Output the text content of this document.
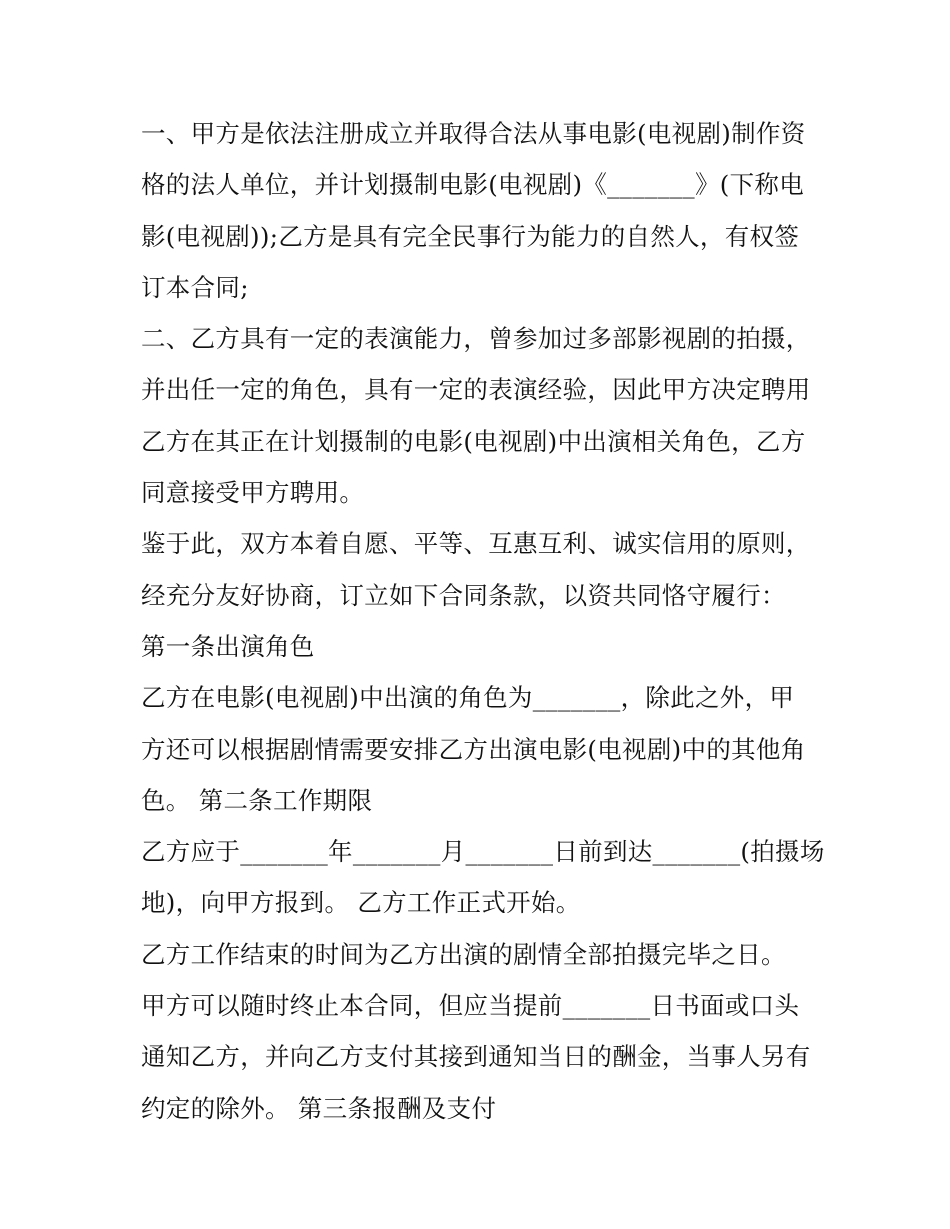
一、甲方是依法注册成立并取得合法从事电影(电视剧)制作资
格的法人单位，并计划摄制电影(电视剧)《_______》(下称电
影(电视剧));乙方是具有完全民事行为能力的自然人，有权签
订本合同;
二、乙方具有一定的表演能力，曾参加过多部影视剧的拍摄，
并出任一定的角色，具有一定的表演经验，因此甲方决定聘用
乙方在其正在计划摄制的电影(电视剧)中出演相关角色，乙方
同意接受甲方聘用。
鉴于此，双方本着自愿、平等、互惠互利、诚实信用的原则，
经充分友好协商，订立如下合同条款，以资共同恪守履行：
第一条出演角色
乙方在电影(电视剧)中出演的角色为_______，除此之外，甲
方还可以根据剧情需要安排乙方出演电影(电视剧)中的其他角
色。 第二条工作期限
乙方应于_______年_______月_______日前到达_______(拍摄场
地)，向甲方报到。 乙方工作正式开始。
乙方工作结束的时间为乙方出演的剧情全部拍摄完毕之日。
甲方可以随时终止本合同，但应当提前_______日书面或口头
通知乙方，并向乙方支付其接到通知当日的酬金，当事人另有
约定的除外。 第三条报酬及支付
